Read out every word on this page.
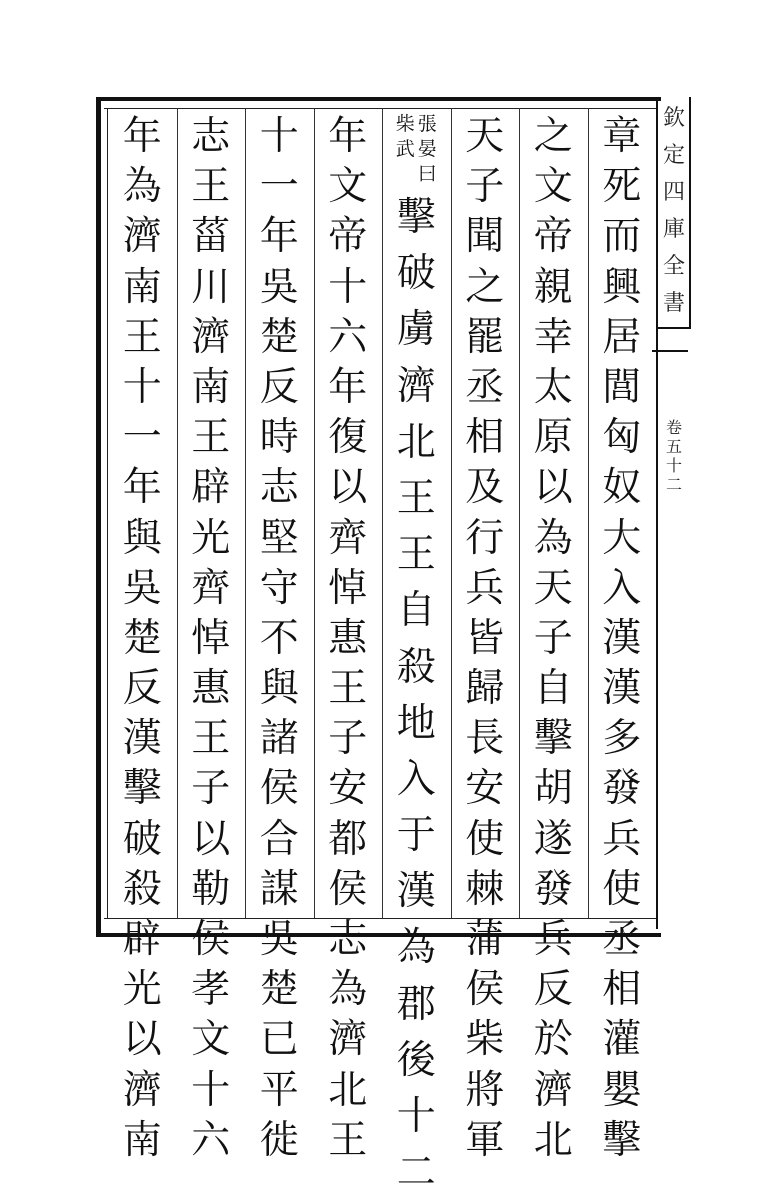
章
死
而
興
居
閭
匈
奴
大
入
漢
漢
多
發
兵
使
丞
相
灌
嬰
擊
之
文
帝
親
幸
太
原
以
為
天
子
自
擊
胡
遂
發
兵
反
於
濟
北
天
子
聞
之
罷
丞
相
及
行
兵
皆
歸
長
安
使
棘
蒲
侯
柴
將
軍
張
晏
曰
柴
武
擊
破
虜
濟
北
王
王
自
殺
地
入
于
漢
為
郡
後
十
二
年
文
帝
十
六
年
復
以
齊
悼
惠
王
子
安
都
侯
志
為
濟
北
王
十
一
年
吳
楚
反
時
志
堅
守
不
與
諸
侯
合
謀
吳
楚
已
平
徙
志
王
菑
川
濟
南
王
辟
光
齊
悼
惠
王
子
以
勒
侯
孝
文
十
六
年
為
濟
南
王
十
一
年
與
吳
楚
反
漢
擊
破
殺
辟
光
以
濟
南
欽
定
四
庫
全
書
卷
五
十
二
